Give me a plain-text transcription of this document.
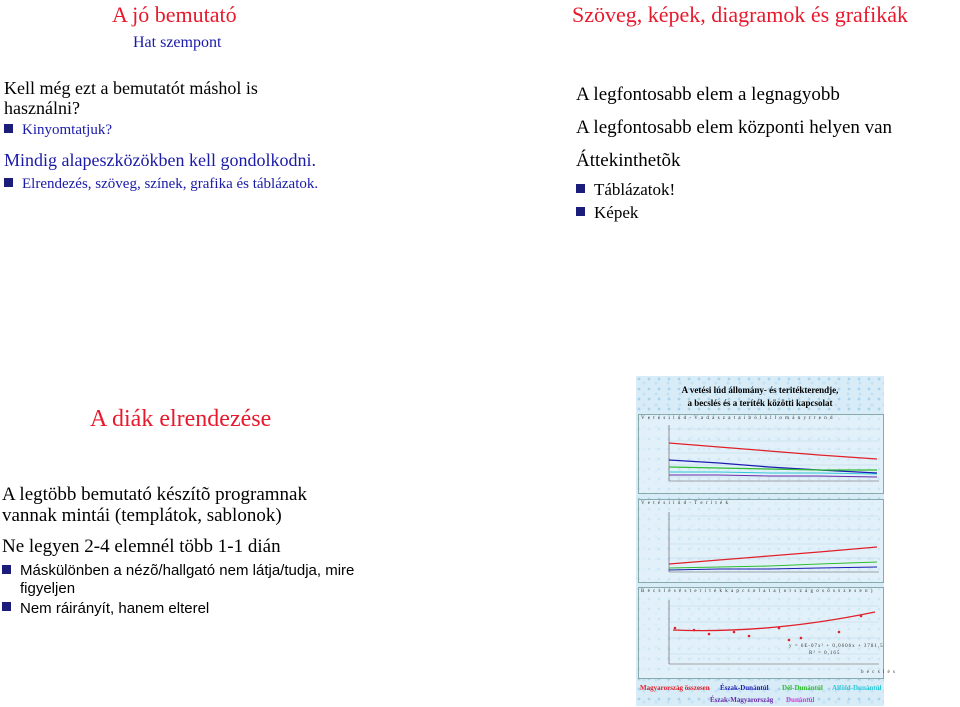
A jó bemutató
Hat szempont
Kell még ezt a bemutatót máshol is
használni?
Kinyomtatjuk?
Mindig alapeszközökben kell gondolkodni.
Elrendezés, szöveg, színek, grafika és táblázatok.
Szöveg, képek, diagramok és grafikák
A legfontosabb elem a legnagyobb
A legfontosabb elem központi helyen van
Áttekinthetõk
Táblázatok!
Képek
A diák elrendezése
A legtöbb bemutató készítõ programnak
vannak mintái (templátok, sablonok)
Ne legyen 2-4 elemnél több 1-1 dián
Máskülönben a nézõ/hallgató nem látja/tudja, mire
figyeljen
Nem ráirányít, hanem elterel
A vetési lúd állomány- és teritékterendje,
a becslés és a teríték közötti kapcsolat
V e t é s i l ú d - V a d á s z a t a i b ó l á l l o m á n y t r e n d
V e t é s i l ú d - T e r í t é k
B e c s l é s é s t e r í t é k k a p c s o l a t a ( o r s z á g o s ö s s z e s e n )
y = 6E-07x² + 0,0606x + 3781,5
R² = 0,165
b e c s l é s
Magyarország összesen Észak-Dunántúl Dél-Dunántúl Alföld-Dunántúl
Észak-Magyarország Dunántúl
